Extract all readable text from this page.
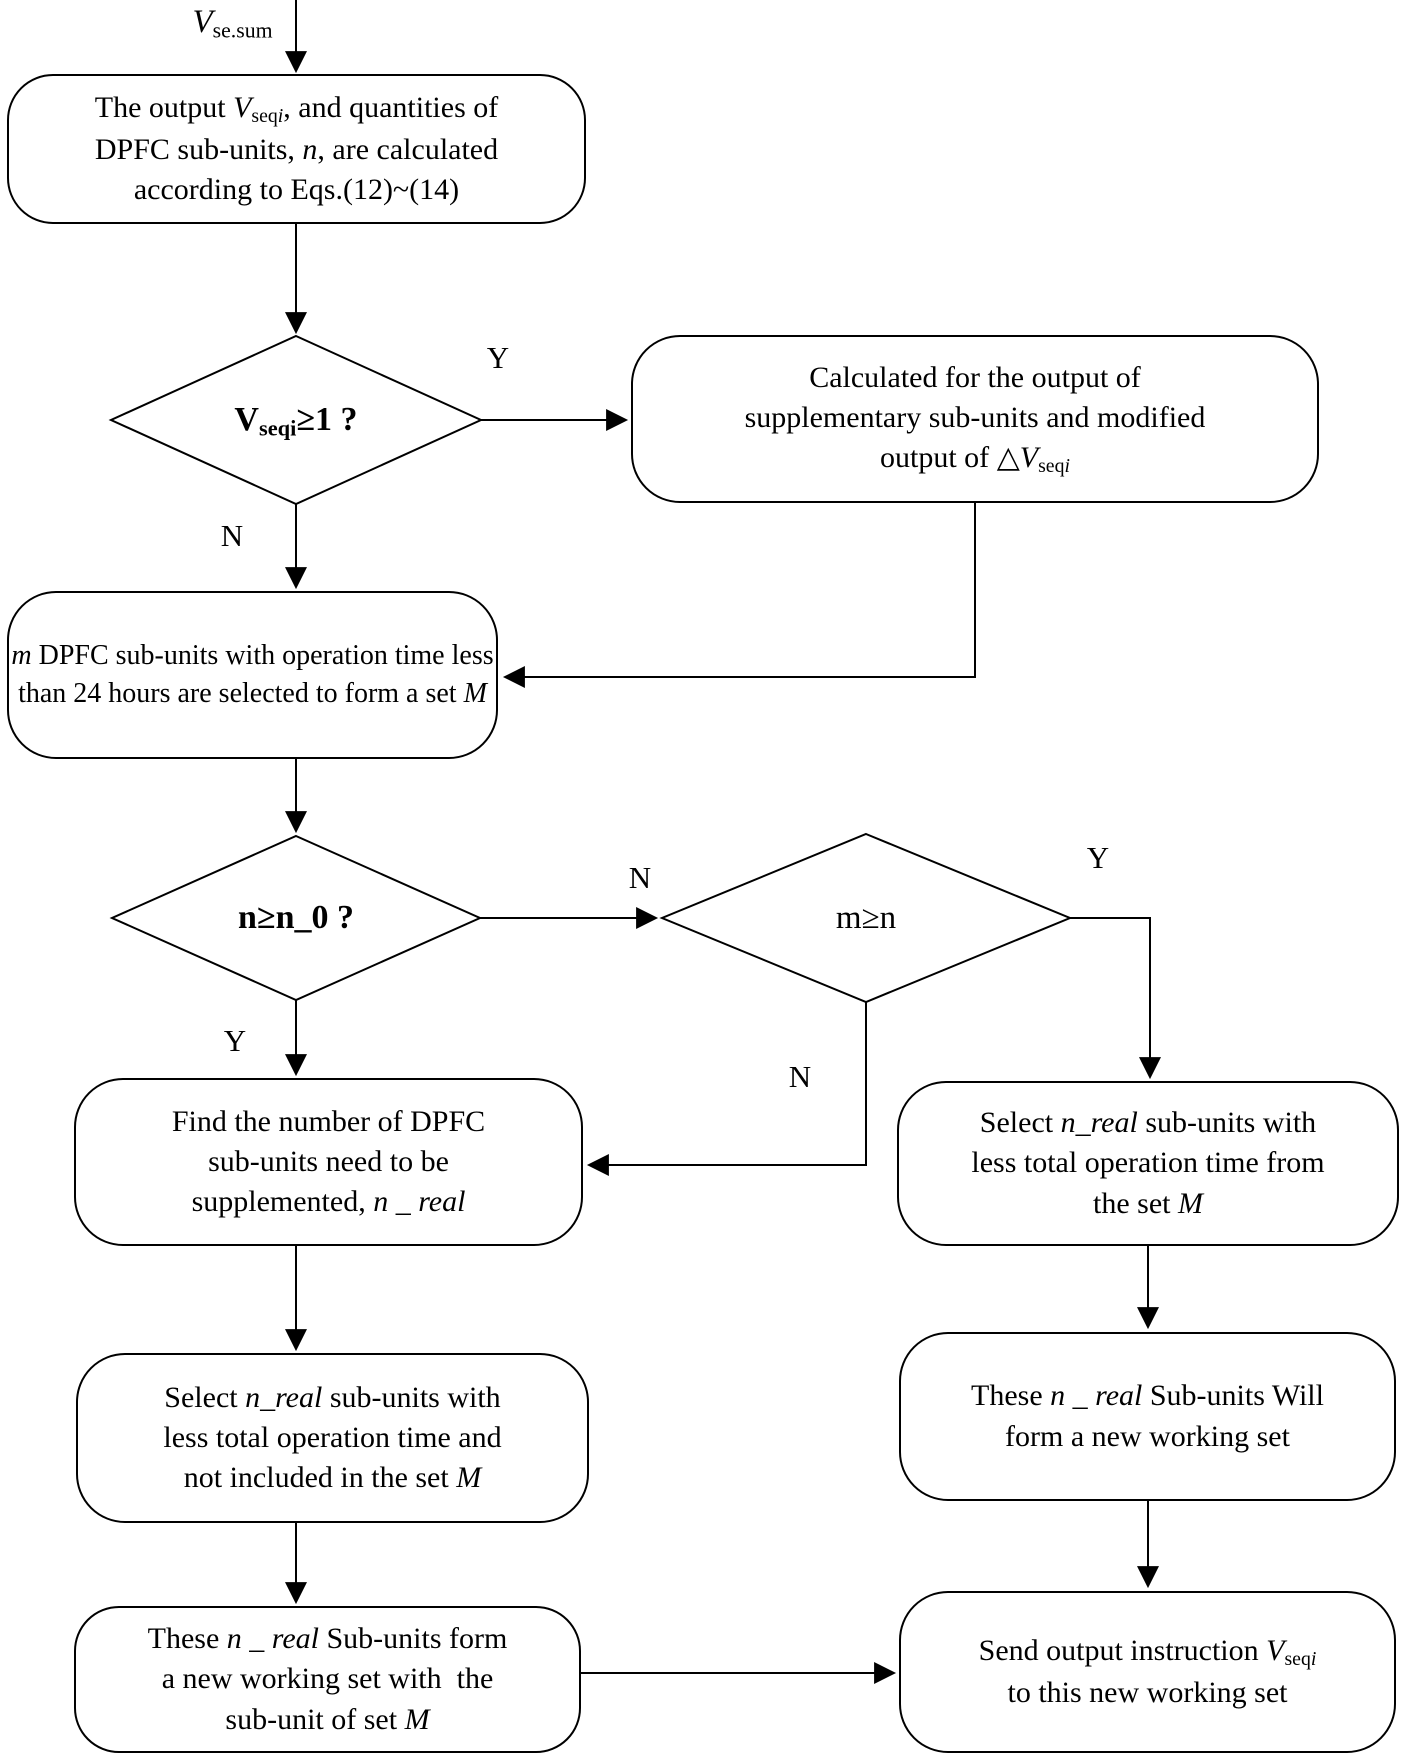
Vse.sum
The output Vseqi, and quantities of
DPFC sub-units, n, are calculated
according to Eqs.(12)~(14)
Vseqi≥1 ?
Calculated for the output of
supplementary sub-units and modified
output of △Vseqi
m DPFC sub-units with operation time less
than 24 hours are selected to form a set M
n≥n_0 ?	m≥n
Find the number of DPFC
sub-units need to be
supplemented, n _ real
Select n_real sub-units with
less total operation time and
not included in the set M
These n _ real Sub-units form
a new working set with  the
sub-unit of set M
Select n_real sub-units with
less total operation time from
the set M
These n _ real Sub-units Will
form a new working set
Send output instruction Vseqi
to this new working set
Y
N
N
Y
Y
N
